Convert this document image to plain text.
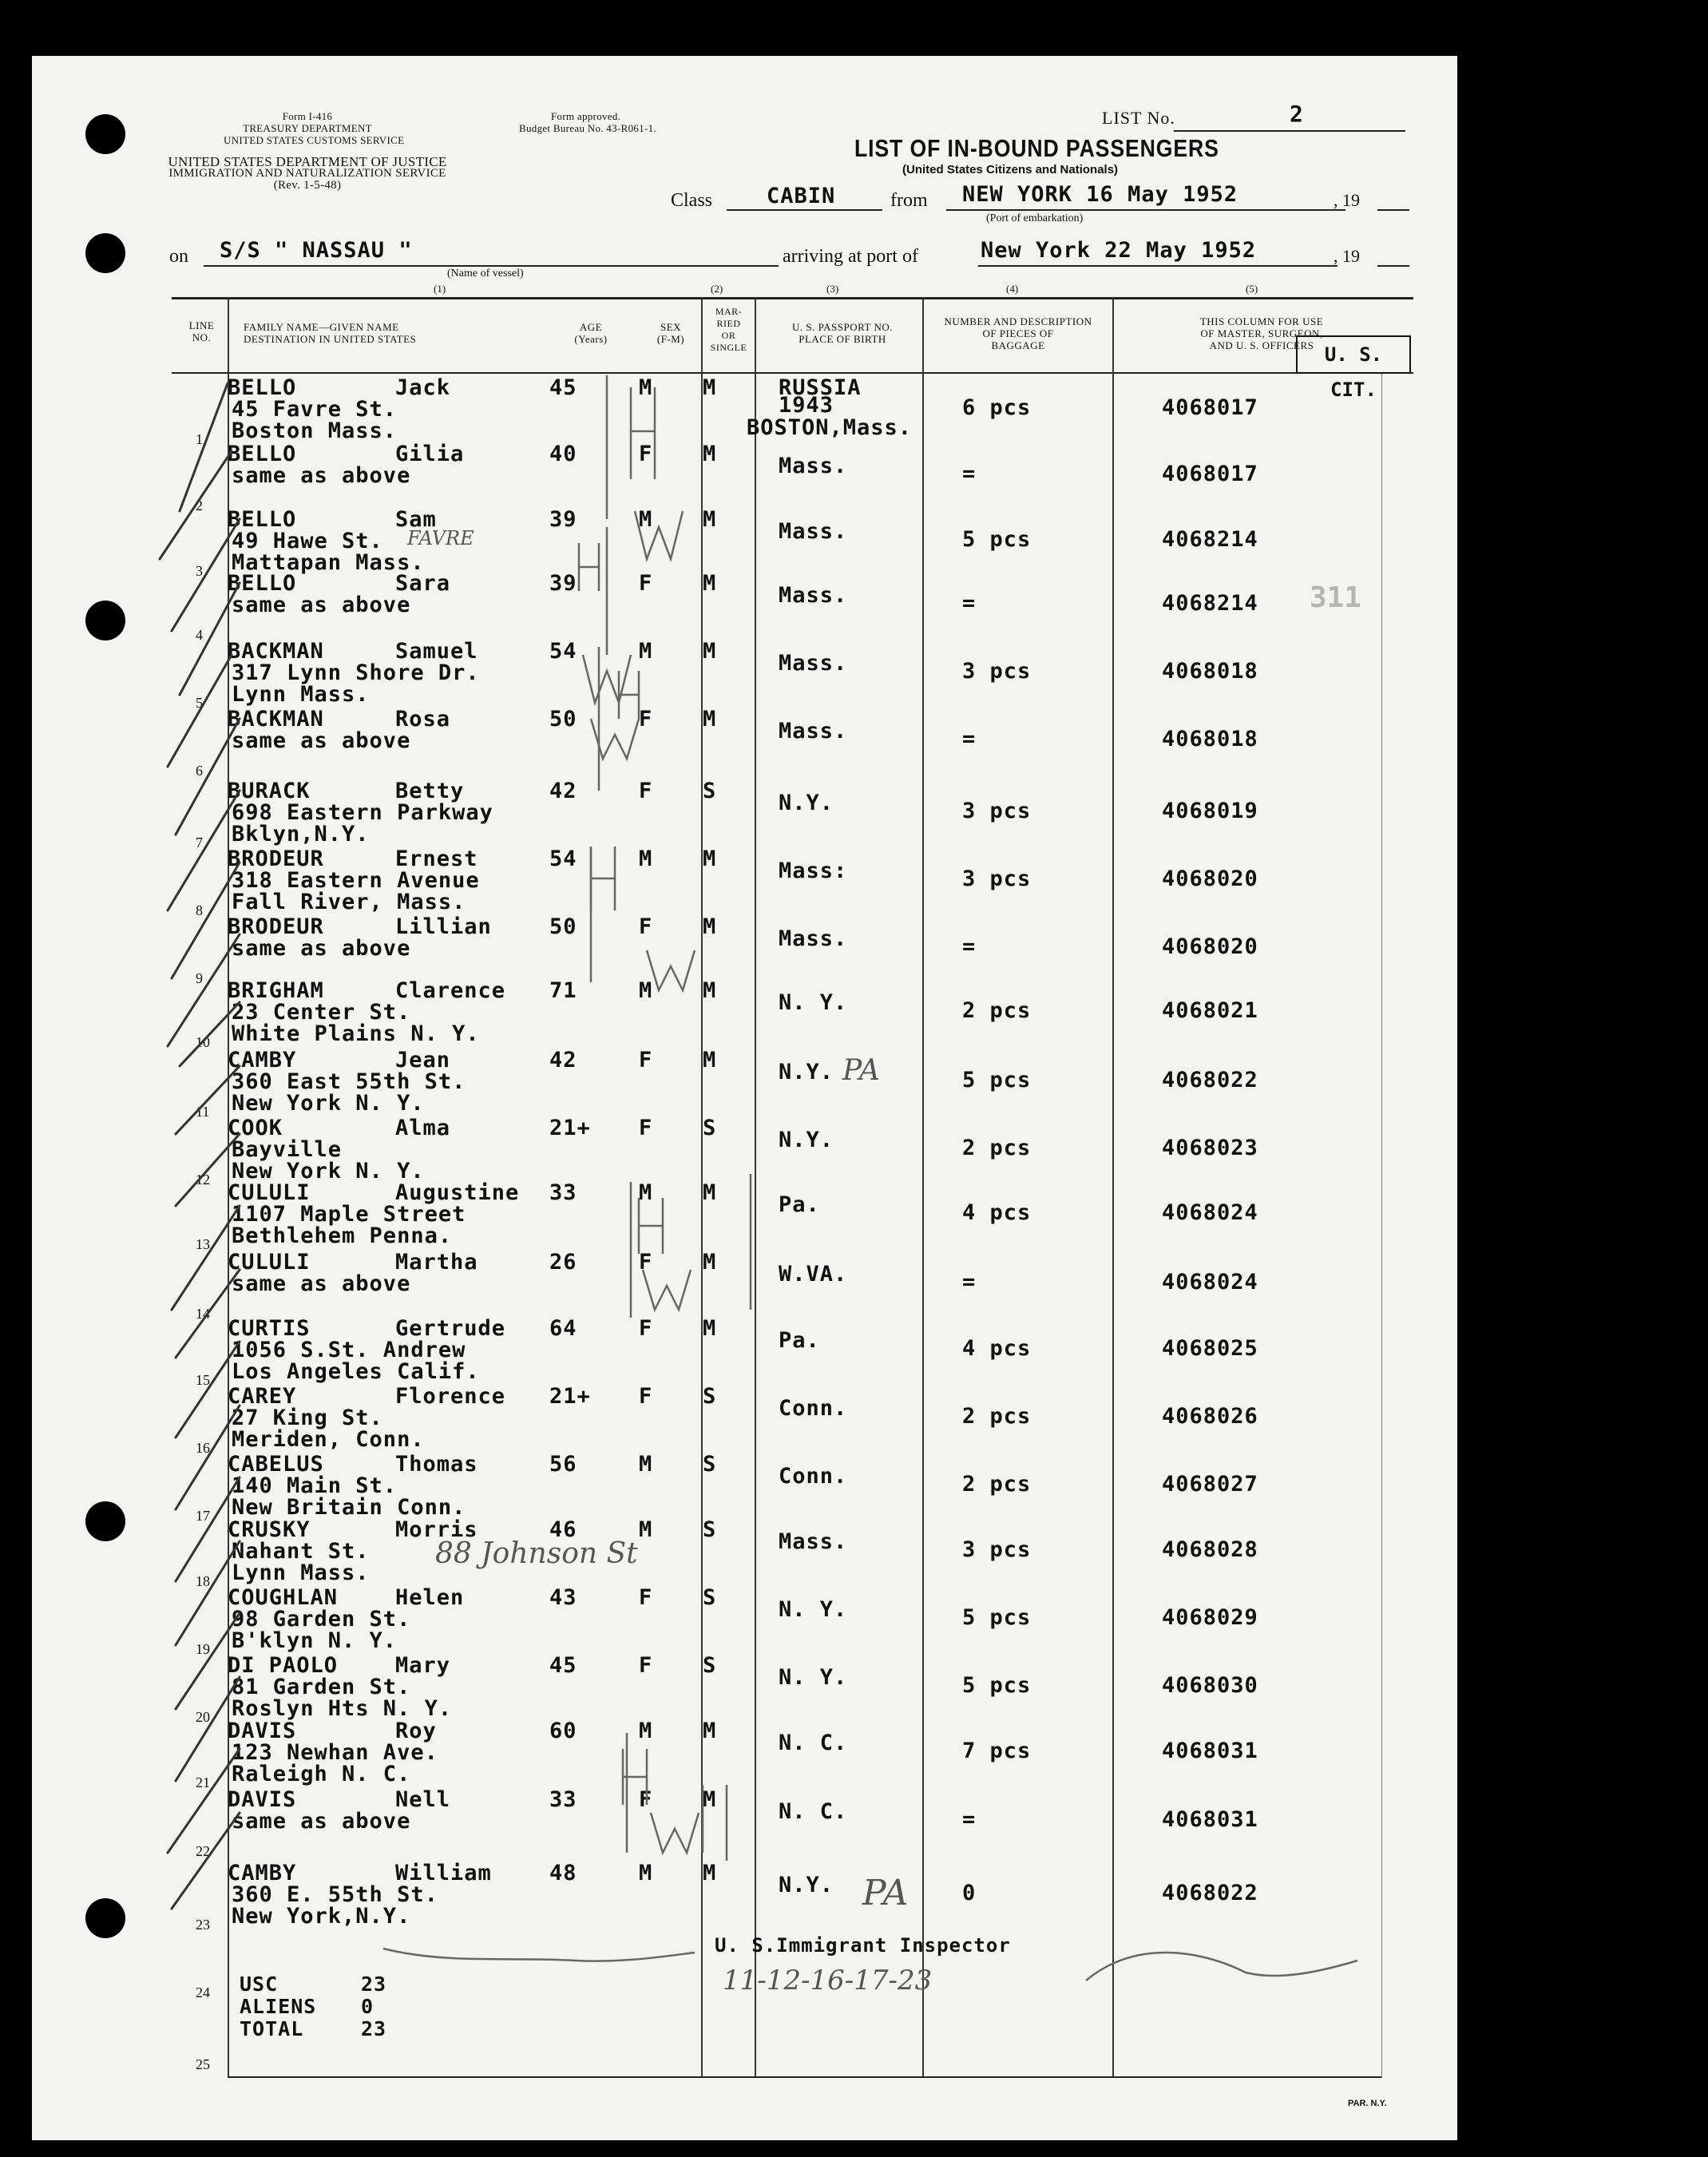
Form I-416
TREASURY DEPARTMENT
UNITED STATES CUSTOMS SERVICE
Form approved.
Budget Bureau No. 43-R061-1.
UNITED STATES DEPARTMENT OF JUSTICE
IMMIGRATION AND NATURALIZATION SERVICE
(Rev. 1-5-48)
LIST No.	2
LIST OF IN-BOUND PASSENGERS
(United States Citizens and Nationals)
Class	CABIN	from NEW YORK 16 May 1952	, 19
(Port of embarkation)
on S/S " NASSAU "
(Name of vessel)
arriving at port of	New York 22 May 1952	, 19
(1)	(2)	(3)	(4)	(5)
LINE NO.
FAMILY NAME—GIVEN NAME
DESTINATION IN UNITED STATES
AGE
(Years)
SEX
(F-M)
MAR-
RIED
OR
SINGLE
U. S. PASSPORT NO.
PLACE OF BIRTH
NUMBER AND DESCRIPTION
OF PIECES OF
BAGGAGE
THIS COLUMN FOR USE
OF MASTER, SURGEON,
AND U. S. OFFICERS U. S. CIT.
BELLO	Jack
45 Favre St.
Boston Mass.
45	M M	RUSSIA
1943
BOSTON,Mass.
6 pcs	4068017
1
BELLO	Gilia
same as above
40	F M	Mass.	=	4068017
2
BELLO	Sam
49 Hawe St.
Mattapan Mass.
39	M M	Mass.	5 pcs	4068214
3 BELLO	Sara
same as above
39	F M	Mass.	=	4068214
4
BACKMAN	Samuel
317 Lynn Shore Dr.
Lynn Mass.
54	M M	Mass.	3 pcs	4068018
5
BACKMAN	Rosa
same as above
50	F M	Mass.	=	4068018
6
BURACK	Betty
698 Eastern Parkway
Bklyn,N.Y.
42	F S	N.Y.	3 pcs	4068019
7
BRODEUR	Ernest
318 Eastern Avenue
Fall River, Mass.
54	M M	Mass:	3 pcs	4068020
8
BRODEUR	Lillian
same as above
50	F M	Mass.	=	4068020
9 BRIGHAM	Clarence
23 Center St.
White Plains N. Y.
71	M M	N. Y.	2 pcs	4068021
10
CAMBY	Jean
360 East 55th St.
New York N. Y.
42	F M	N.Y.	5 pcs	4068022
11
COOK	Alma
Bayville
New York N. Y.
21+ F S	N.Y.	2 pcs	4068023
12
CULULI	Augustine
1107 Maple Street
Bethlehem Penna.
33	M M	Pa.	4 pcs	4068024
13
CULULI	Martha
same as above
26	F M	W.VA.	=	4068024
14
CURTIS	Gertrude
1056 S.St. Andrew
Los Angeles Calif.
64	F M	Pa.	4 pcs	4068025
15
CAREY	Florence
27 King St.
Meriden, Conn.
21+ F S	Conn.	2 pcs	4068026
16
CABELUS	Thomas
140 Main St.
New Britain Conn.
56	M S	Conn.	2 pcs	4068027
17
CRUSKY	Morris
Nahant St.
Lynn Mass.
46	M S	Mass.	3 pcs	4068028
18
COUGHLAN	Helen
98 Garden St.
B'klyn N. Y.
43	F S	N. Y.	5 pcs	4068029
19
DI PAOLO	Mary
81 Garden St.
Roslyn Hts N. Y.
45	F S	N. Y.	5 pcs	4068030
20
DAVIS	Roy
123 Newhan Ave.
Raleigh N. C.
60	M M	N. C.	7 pcs	4068031
21
DAVIS	Nell
same as above
33	F M	N. C.	=	4068031
22
CAMBY	William
360 E. 55th St.
New York,N.Y.
48	M M	N.Y.	0	4068022
23
311
FAVRE
88 Johnson St
PA
PA
U. S.Immigrant Inspector
11-12-16-17-23
USC	23
ALIENS 0
TOTAL	23
24
25
PAR. N.Y.
